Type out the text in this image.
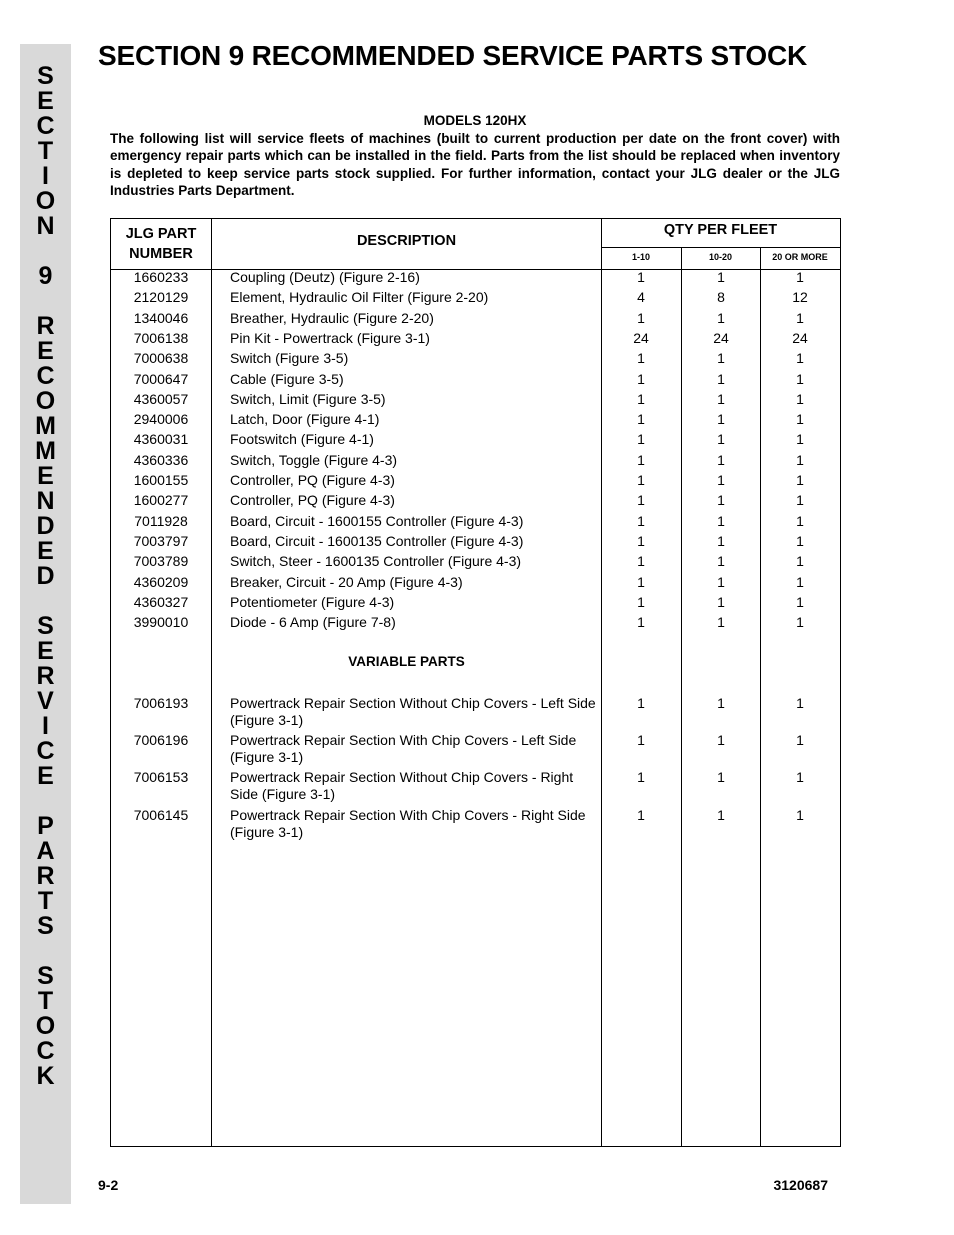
S
E
C
T
I
O
N
9
R
E
C
O
M
M
E
N
D
E
D
S
E
R
V
I
C
E
P
A
R
T
S
S
T
O
C
K
SECTION 9 RECOMMENDED SERVICE PARTS STOCK
MODELS 120HX
The following list will service fleets of machines (built to current production per date on the front cover) with emergency repair parts which can be installed in the field. Parts from the list should be replaced when inventory is depleted to keep service parts stock supplied. For further information, contact your JLG dealer or the JLG Industries Parts Department.
JLG PART NUMBER
DESCRIPTION
QTY PER FLEET
1-10	10-20	20 OR MORE
1660233	Coupling (Deutz) (Figure 2-16)	1	1	1
2120129	Element, Hydraulic Oil Filter (Figure 2-20)	4	8	12
1340046	Breather, Hydraulic (Figure 2-20)	1	1	1
7006138	Pin Kit - Powertrack (Figure 3-1)	24	24	24
7000638	Switch (Figure 3-5)	1	1	1
7000647	Cable (Figure 3-5)	1	1	1
4360057	Switch, Limit (Figure 3-5)	1	1	1
2940006	Latch, Door (Figure 4-1)	1	1	1
4360031	Footswitch (Figure 4-1)	1	1	1
4360336	Switch, Toggle (Figure 4-3)	1	1	1
1600155	Controller, PQ (Figure 4-3)	1	1	1
1600277	Controller, PQ (Figure 4-3)	1	1	1
7011928	Board, Circuit - 1600155 Controller (Figure 4-3)	1	1	1
7003797	Board, Circuit - 1600135 Controller (Figure 4-3)	1	1	1
7003789	Switch, Steer - 1600135 Controller (Figure 4-3)	1	1	1
4360209	Breaker, Circuit - 20 Amp (Figure 4-3)	1	1	1
4360327	Potentiometer (Figure 4-3)	1	1	1
3990010	Diode - 6 Amp (Figure 7-8)	1	1	1
VARIABLE PARTS
7006193	Powertrack Repair Section Without Chip Covers - Left Side (Figure 3-1)
1	1	1
7006196	Powertrack Repair Section With Chip Covers - Left Side (Figure 3-1)
1	1	1
7006153	Powertrack Repair Section Without Chip Covers - Right Side (Figure 3-1)
1	1	1
7006145	Powertrack Repair Section With Chip Covers - Right Side (Figure 3-1)
1	1	1
9-2	3120687
